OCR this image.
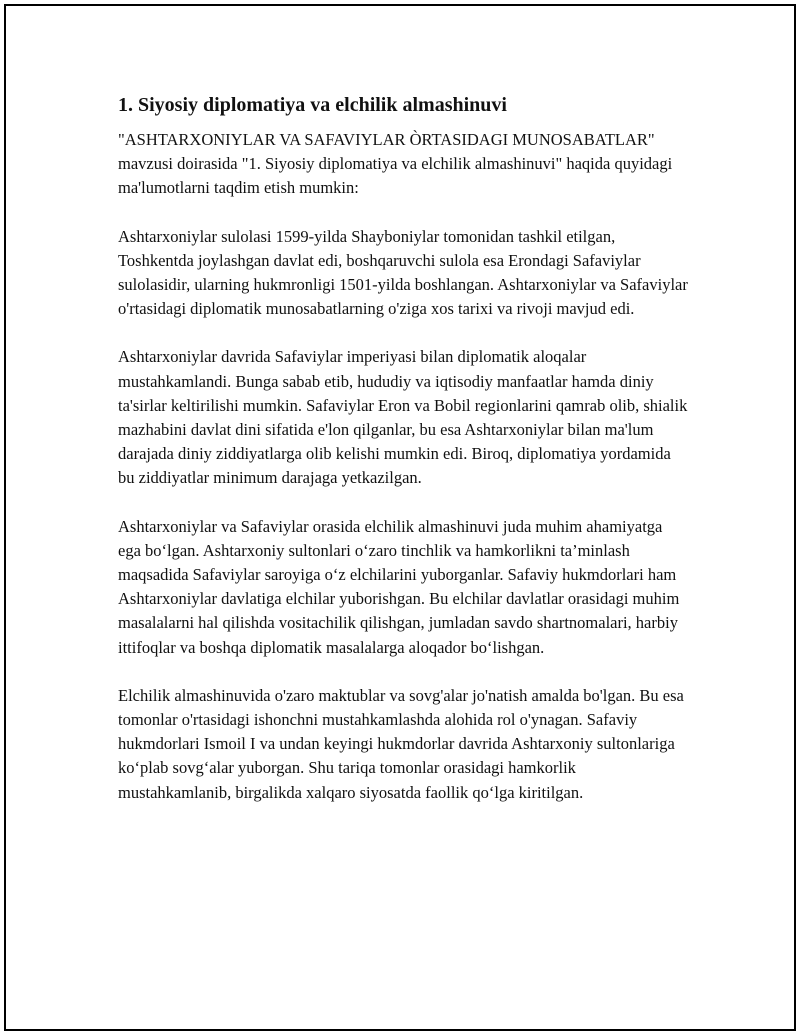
1. Siyosiy diplomatiya va elchilik almashinuvi

"ASHTARXONIYLAR VA SAFAVIYLAR ÒRTASIDAGI MUNOSABATLAR" mavzusi doirasida "1. Siyosiy diplomatiya va elchilik almashinuvi" haqida quyidagi ma'lumotlarni taqdim etish mumkin:

Ashtarxoniylar sulolasi 1599-yilda Shayboniylar tomonidan tashkil etilgan, Toshkentda joylashgan davlat edi, boshqaruvchi sulola esa Erondagi Safaviylar sulolasidir, ularning hukmronligi 1501-yilda boshlangan. Ashtarxoniylar va Safaviylar o'rtasidagi diplomatik munosabatlarning o'ziga xos tarixi va rivoji mavjud edi.

Ashtarxoniylar davrida Safaviylar imperiyasi bilan diplomatik aloqalar mustahkamlandi. Bunga sabab etib, hududiy va iqtisodiy manfaatlar hamda diniy ta'sirlar keltirilishi mumkin. Safaviylar Eron va Bobil regionlarini qamrab olib, shialik mazhabini davlat dini sifatida e'lon qilganlar, bu esa Ashtarxoniylar bilan ma'lum darajada diniy ziddiyatlarga olib kelishi mumkin edi. Biroq, diplomatiya yordamida bu ziddiyatlar minimum darajaga yetkazilgan.

Ashtarxoniylar va Safaviylar orasida elchilik almashinuvi juda muhim ahamiyatga ega bo‘lgan. Ashtarxoniy sultonlari o‘zaro tinchlik va hamkorlikni ta’minlash maqsadida Safaviylar saroyiga o‘z elchilarini yuborganlar. Safaviy hukmdorlari ham Ashtarxoniylar davlatiga elchilar yuborishgan. Bu elchilar davlatlar orasidagi muhim masalalarni hal qilishda vositachilik qilishgan, jumladan savdo shartnomalari, harbiy ittifoqlar va boshqa diplomatik masalalarga aloqador bo‘lishgan.

Elchilik almashinuvida o'zaro maktublar va sovg'alar jo'natish amalda bo'lgan. Bu esa tomonlar o'rtasidagi ishonchni mustahkamlashda alohida rol o'ynagan. Safaviy hukmdorlari Ismoil I va undan keyingi hukmdorlar davrida Ashtarxoniy sultonlariga ko‘plab sovg‘alar yuborgan. Shu tariqa tomonlar orasidagi hamkorlik mustahkamlanib, birgalikda xalqaro siyosatda faollik qo‘lga kiritilgan.
